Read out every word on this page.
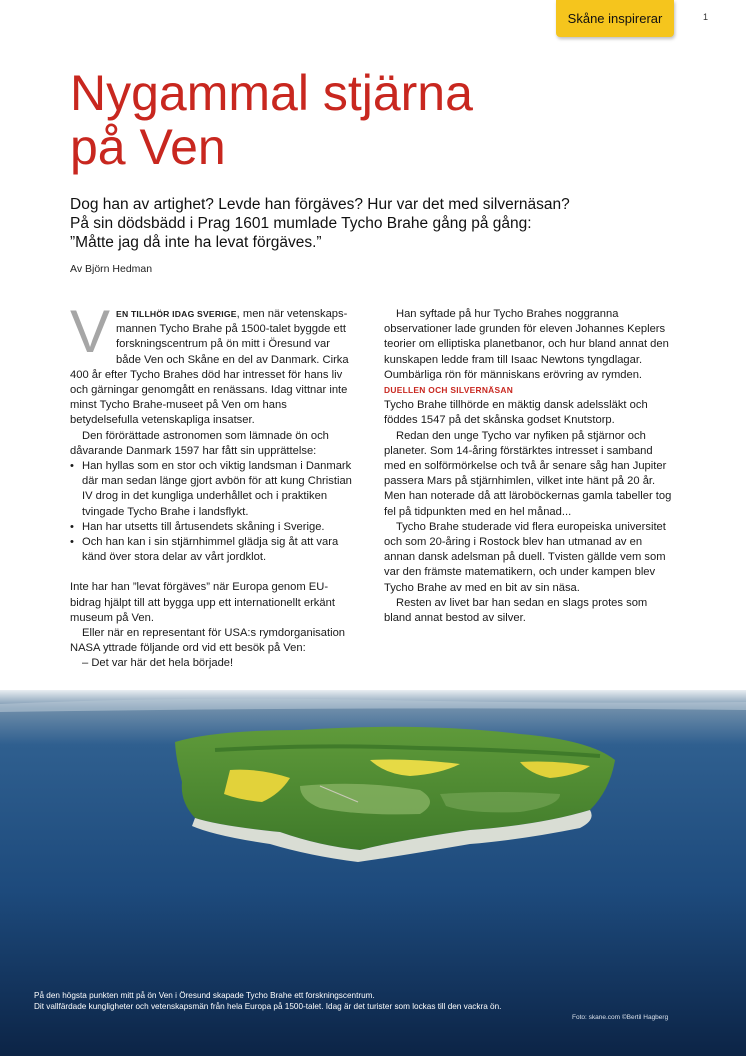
Skåne inspirerar	1
Nygammal stjärna
på Ven
Dog han av artighet? Levde han förgäves? Hur var det med silvernäsan?
På sin dödsbädd i Prag 1601 mumlade Tycho Brahe gång på gång:
”Måtte jag då inte ha levat förgäves.”
Av Björn Hedman

VEN TILLHÖR IDAG SVERIGE, men när vetenskaps-mannen Tycho Brahe på 1500-talet byggde ett forskningscentrum på ön mitt i Öresund var både Ven och Skåne en del av Danmark. Cirka 400 år efter Tycho Brahes död har intresset för hans liv och gärningar genomgått en renässans. Idag vittnar inte minst Tycho Brahe-museet på Ven om hans betydelsefulla vetenskapliga insatser.

Den förörättade astronomen som lämnade ön och dåvarande Danmark 1597 har fått sin upprättelse:

• Han hyllas som en stor och viktig landsman i Danmark där man sedan länge gjort avbön för att kung Christian IV drog in det kungliga underhållet och i praktiken tvingade Tycho Brahe i landsflykt.
• Han har utsetts till årtusendets skåning i Sverige.
• Och han kan i sin stjärnhimmel glädja sig åt att vara känd över stora delar av vårt jordklot.

Inte har han ”levat förgäves” när Europa genom EU-bidrag hjälpt till att bygga upp ett internationellt erkänt museum på Ven.

Eller när en representant för USA:s rymdorganisation NASA yttrade följande ord vid ett besök på Ven:

– Det var här det hela började!

Han syftade på hur Tycho Brahes noggranna observationer lade grunden för eleven Johannes Keplers teorier om elliptiska planetbanor, och hur bland annat den kunskapen ledde fram till Isaac Newtons tyngdlagar. Oumbärliga rön för människans erövring av rymden.

DUELLEN OCH SILVERNÄSAN

Tycho Brahe tillhörde en mäktig dansk adelssläkt och föddes 1547 på det skånska godset Knutstorp.

Redan den unge Tycho var nyfiken på stjärnor och planeter. Som 14-åring förstärktes intresset i samband med en solförmörkelse och två år senare såg han Jupiter passera Mars på stjärnhimlen, vilket inte hänt på 20 år. Men han noterade då att läroböckernas gamla tabeller tog fel på tidpunkten med en hel månad...

Tycho Brahe studerade vid flera europeiska universitet och som 20-åring i Rostock blev han utmanad av en annan dansk adelsman på duell. Tvisten gällde vem som var den främste matematikern, och under kampen blev Tycho Brahe av med en bit av sin näsa.

Resten av livet bar han sedan en slags protes som bland annat bestod av silver.

På den högsta punkten mitt på ön Ven i Öresund skapade Tycho Brahe ett forskningscentrum.
Dit vallfärdade kungligheter och vetenskapsmän från hela Europa på 1500-talet. Idag är det turister som lockas till den vackra ön.
Foto: skane.com ©Bertil Hagberg
